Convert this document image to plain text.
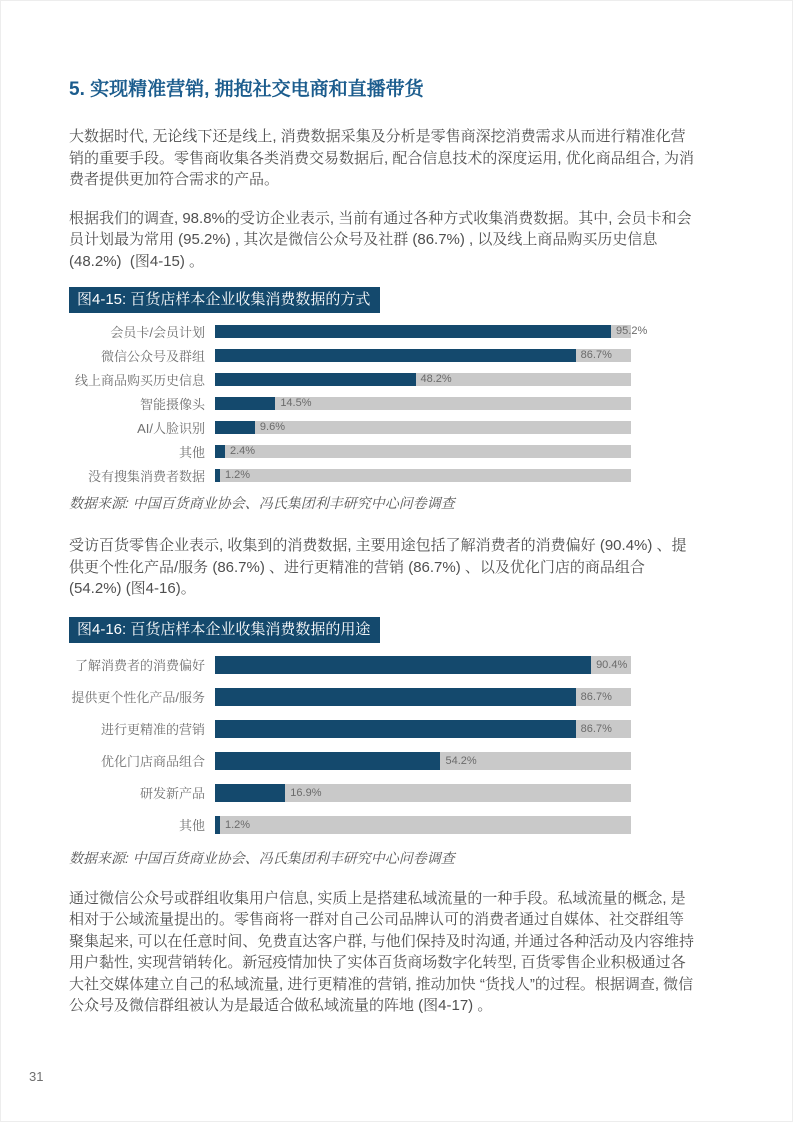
5. 实现精准营销, 拥抱社交电商和直播带货

大数据时代, 无论线下还是线上, 消费数据采集及分析是零售商深挖消费需求从而进行精准化营销的重要手段。零售商收集各类消费交易数据后, 配合信息技术的深度运用, 优化商品组合, 为消费者提供更加符合需求的产品。

根据我们的调查, 98.8%的受访企业表示, 当前有通过各种方式收集消费数据。其中, 会员卡和会员计划最为常用 (95.2%) , 其次是微信公众号及社群 (86.7%) , 以及线上商品购买历史信息 (48.2%)  (图4-15) 。

图4-15: 百货店样本企业收集消费数据的方式
会员卡/会员计划	95.2%
微信公众号及群组	86.7%
线上商品购买历史信息	48.2%
智能摄像头	14.5%
AI/人脸识别	9.6%
其他	2.4%
没有搜集消费者数据	1.2%
数据来源: 中国百货商业协会、冯氏集团利丰研究中心问卷调查

受访百货零售企业表示, 收集到的消费数据, 主要用途包括了解消费者的消费偏好 (90.4%) 、提供更个性化产品/服务 (86.7%) 、进行更精准的营销 (86.7%) 、以及优化门店的商品组合 (54.2%) (图4-16)。

图4-16: 百货店样本企业收集消费数据的用途
了解消费者的消费偏好	90.4%
提供更个性化产品/服务	86.7%
进行更精准的营销	86.7%
优化门店商品组合	54.2%
研发新产品	16.9%
其他	1.2%
数据来源: 中国百货商业协会、冯氏集团利丰研究中心问卷调查

通过微信公众号或群组收集用户信息, 实质上是搭建私域流量的一种手段。私域流量的概念, 是相对于公域流量提出的。零售商将一群对自己公司品牌认可的消费者通过自媒体、社交群组等聚集起来, 可以在任意时间、免费直达客户群, 与他们保持及时沟通, 并通过各种活动及内容维持用户黏性, 实现营销转化。新冠疫情加快了实体百货商场数字化转型, 百货零售企业积极通过各大社交媒体建立自己的私域流量, 进行更精准的营销, 推动加快 “货找人”的过程。根据调查, 微信公众号及微信群组被认为是最适合做私域流量的阵地 (图4-17) 。

31
